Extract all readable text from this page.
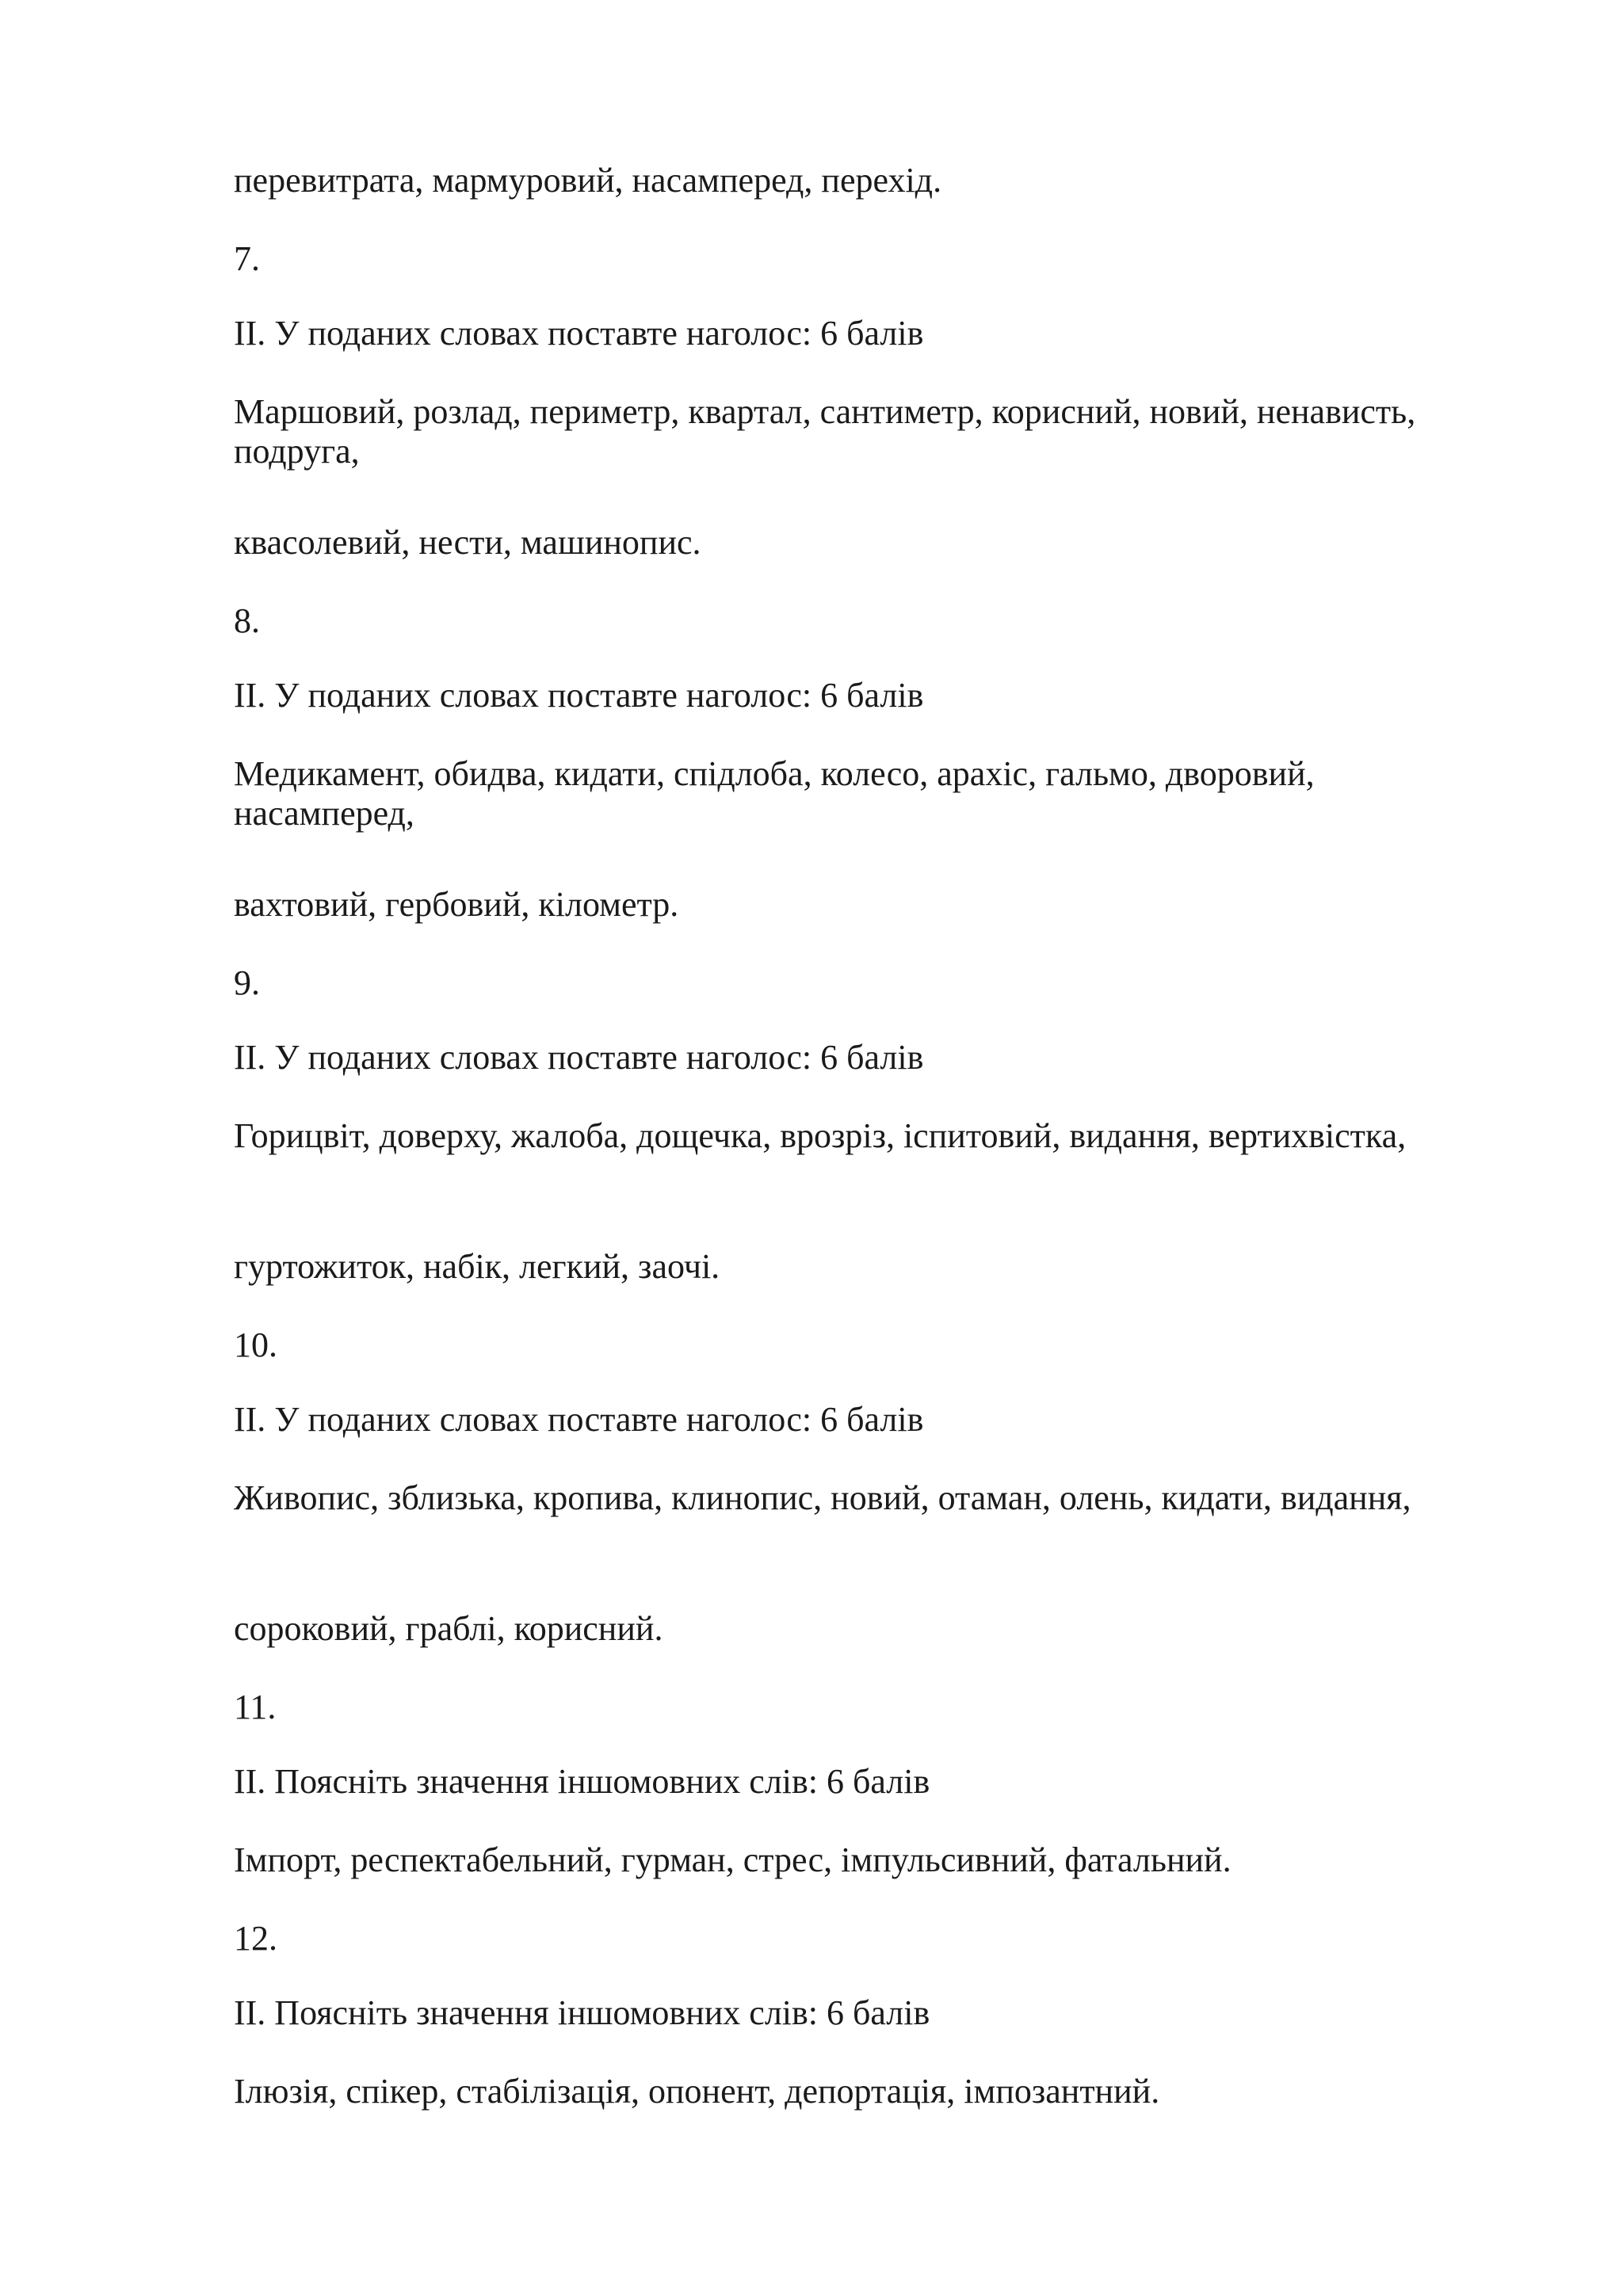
перевитрата, мармуровий, насамперед, перехід.
7.
II. У поданих словах поставте наголос: 6 балів
Маршовий, розлад, периметр, квартал, сантиметр, корисний, новий, ненависть, подруга,
квасолевий, нести, машинопис.
8.
II. У поданих словах поставте наголос: 6 балів
Медикамент, обидва, кидати, спідлоба, колесо, арахіс, гальмо, дворовий, насамперед,
вахтовий, гербовий, кілометр.
9.
II. У поданих словах поставте наголос: 6 балів
Горицвіт, доверху, жалоба, дощечка, врозріз, іспитовий, видання, вертихвістка,
гуртожиток, набік, легкий, заочі.
10.
II. У поданих словах поставте наголос: 6 балів
Живопис, зблизька, кропива, клинопис, новий, отаман, олень, кидати, видання,
сороковий, граблі, корисний.
11.
II. Поясніть значення іншомовних слів: 6 балів
Імпорт, респектабельний, гурман, стрес, імпульсивний, фатальний.
12.
II. Поясніть значення іншомовних слів: 6 балів
Ілюзія, спікер, стабілізація, опонент, депортація, імпозантний.
